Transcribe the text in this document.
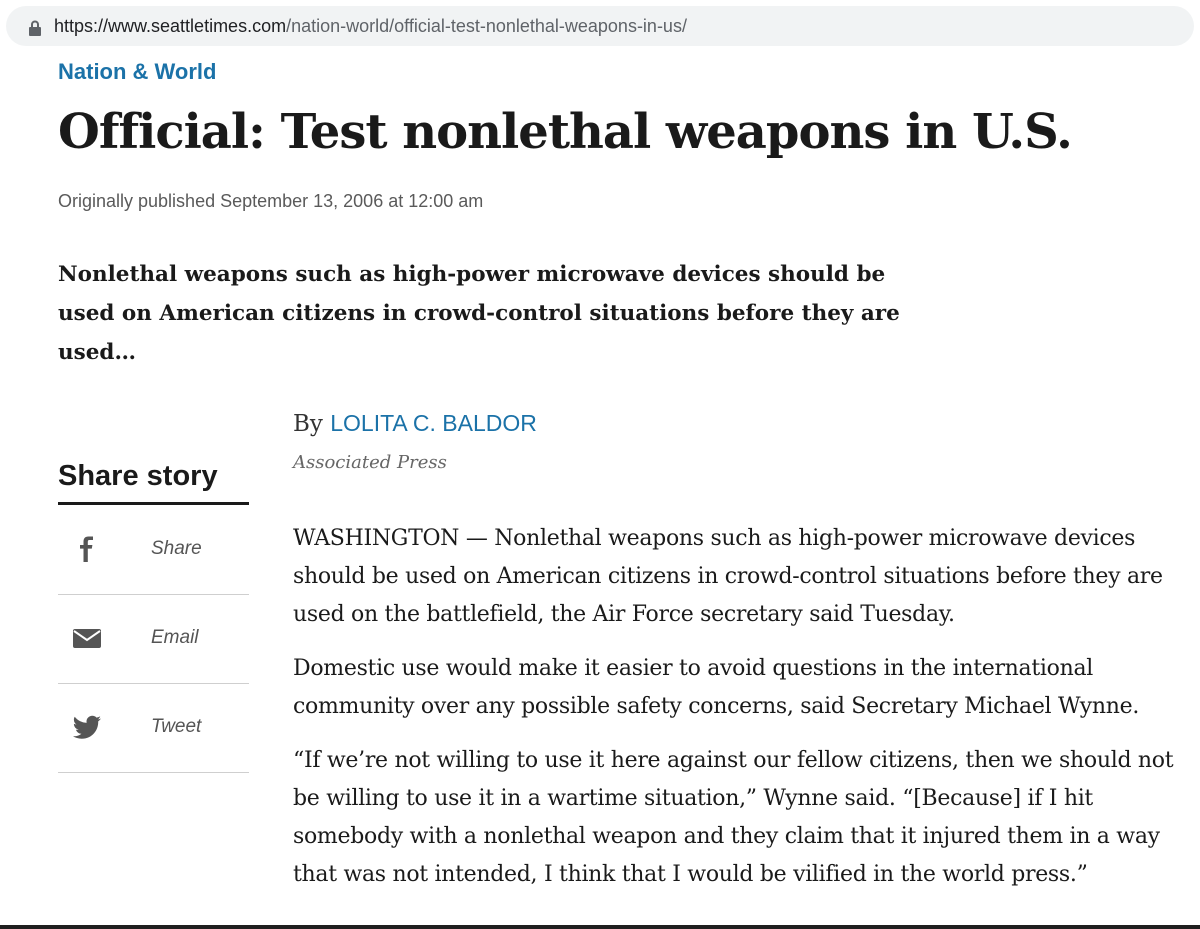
https://www.seattletimes.com/nation-world/official-test-nonlethal-weapons-in-us/
Nation & World
Official: Test nonlethal weapons in U.S.
Originally published September 13, 2006 at 12:00 am

Nonlethal weapons such as high-power microwave devices should be used on American citizens in crowd-control situations before they are used…

By LOLITA C. BALDOR
Associated Press
Share story
Share
Email
Tweet

WASHINGTON — Nonlethal weapons such as high-power microwave devices should be used on American citizens in crowd-control situations before they are used on the battlefield, the Air Force secretary said Tuesday.

Domestic use would make it easier to avoid questions in the international community over any possible safety concerns, said Secretary Michael Wynne.

“If we’re not willing to use it here against our fellow citizens, then we should not be willing to use it in a wartime situation,” Wynne said. “[Because] if I hit somebody with a nonlethal weapon and they claim that it injured them in a way that was not intended, I think that I would be vilified in the world press.”
